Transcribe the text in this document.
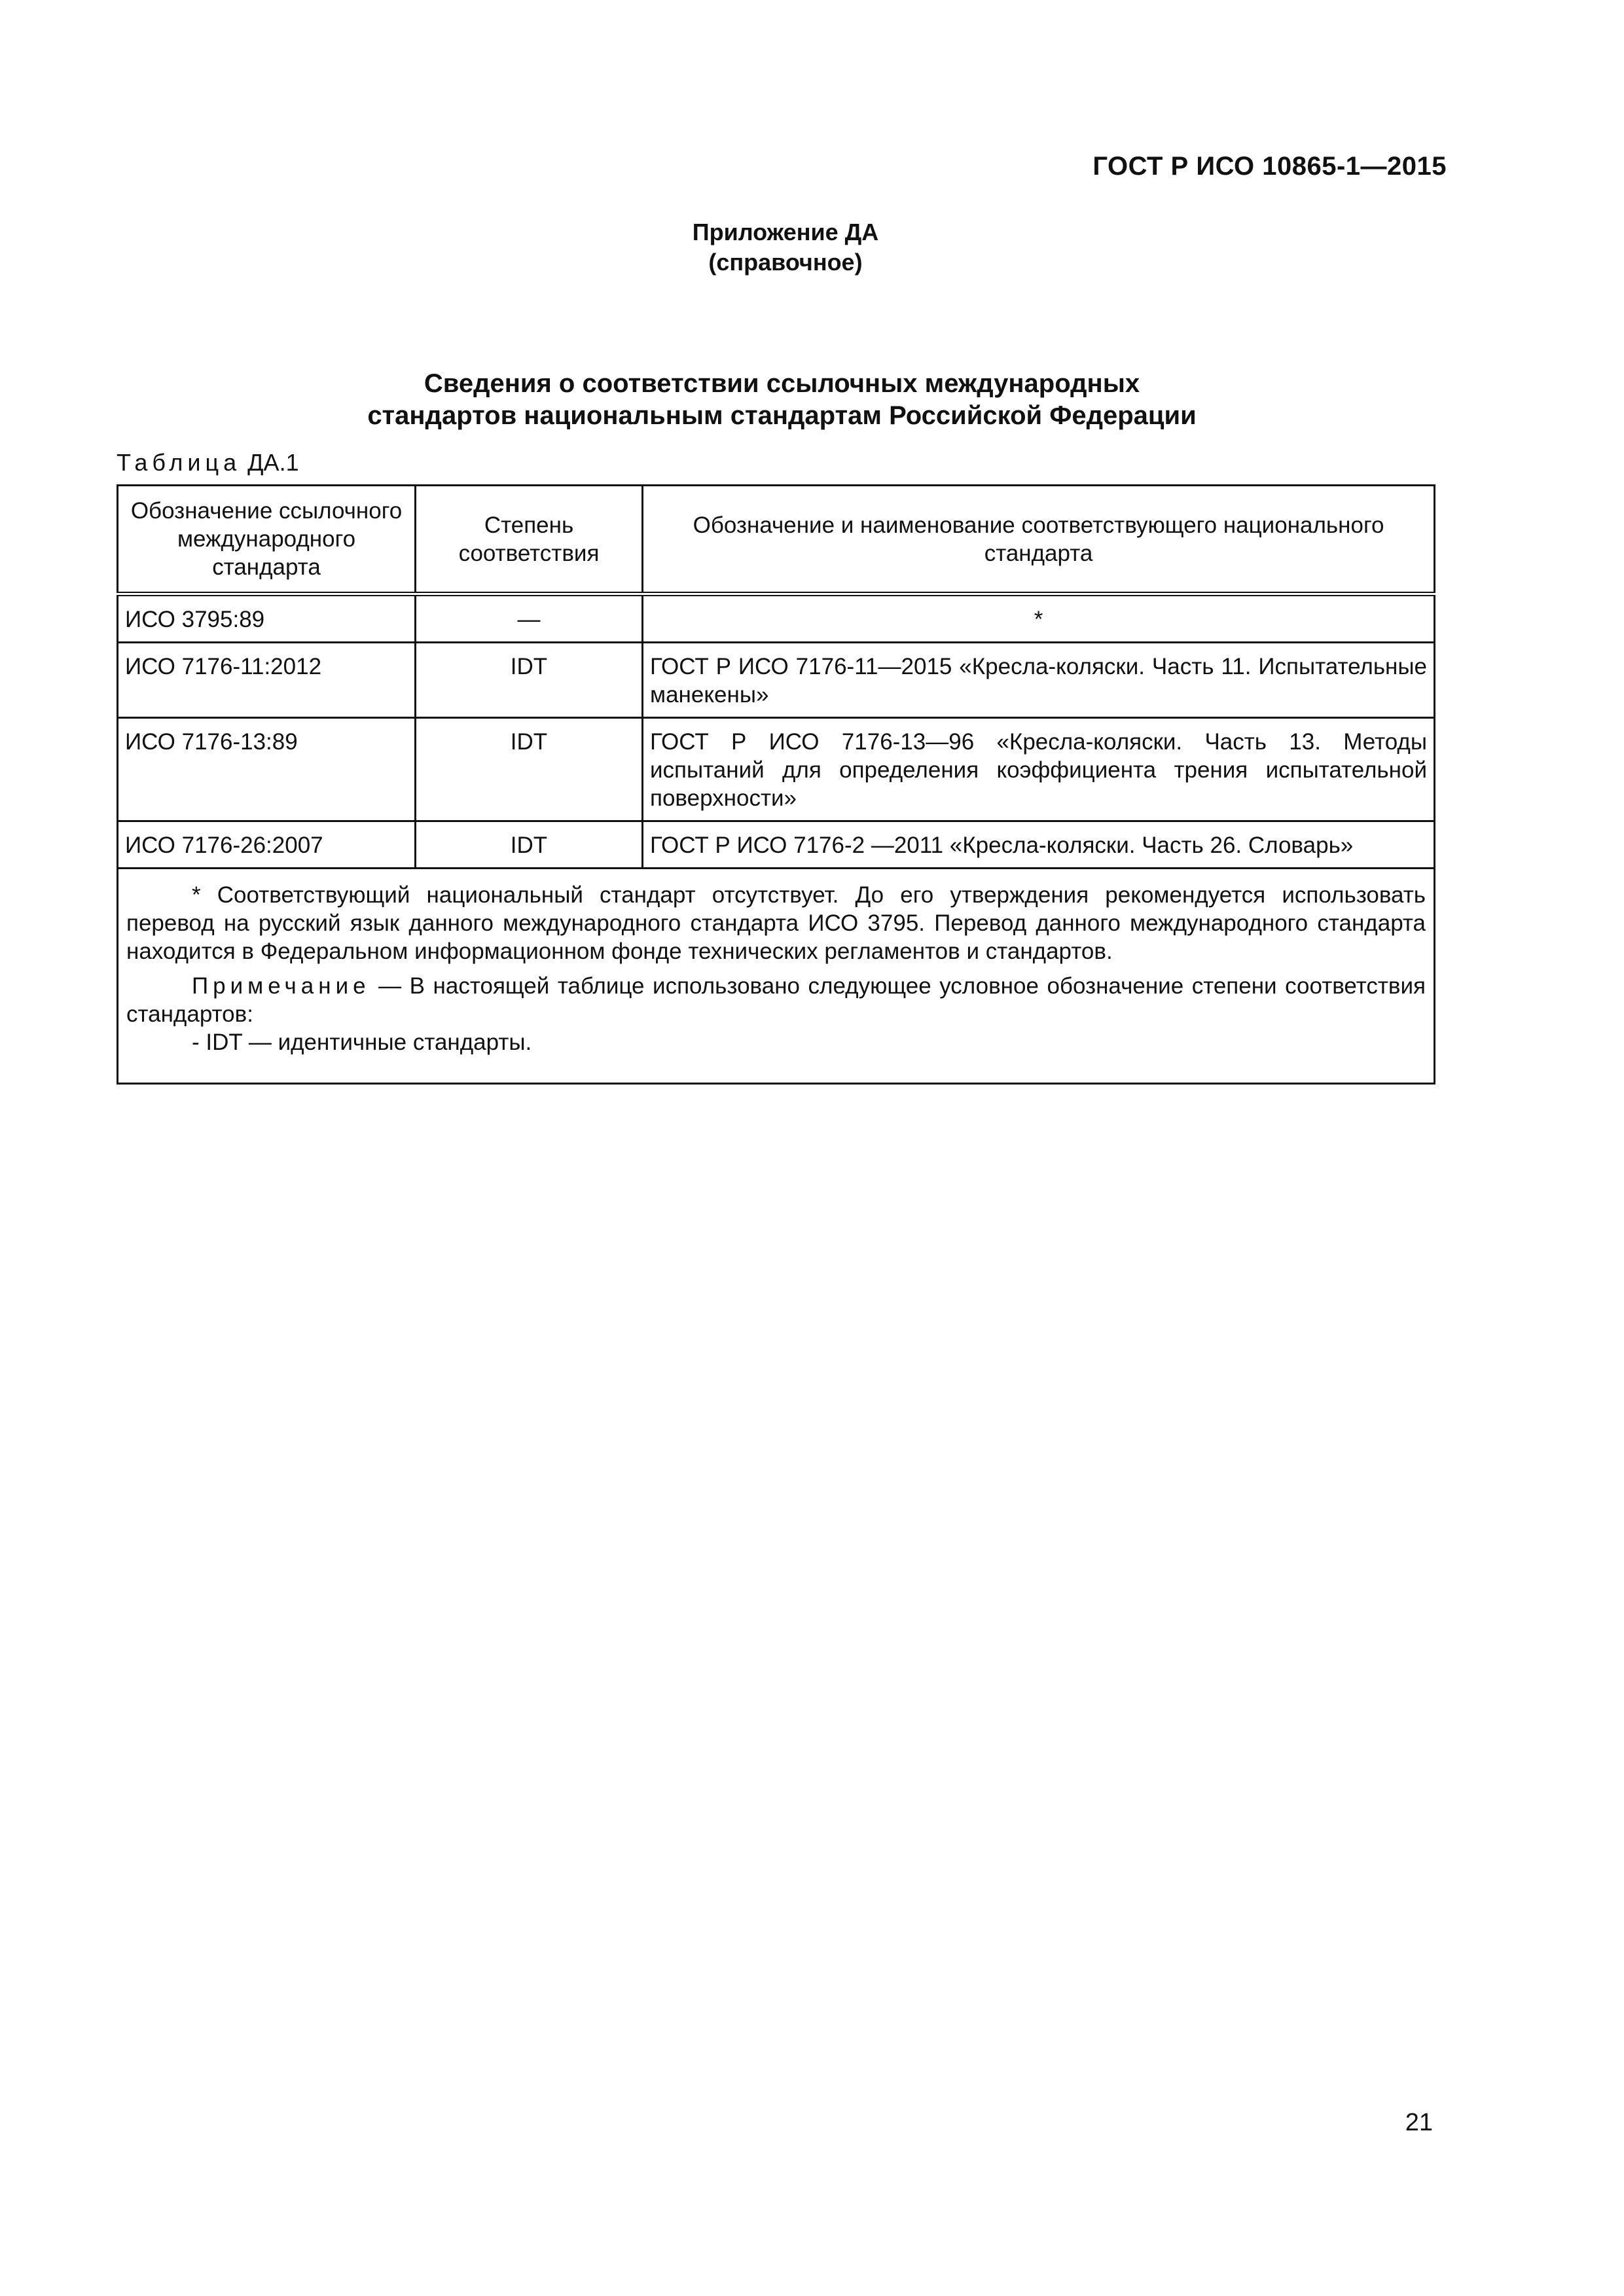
ГОСТ Р ИСО 10865-1—2015
Приложение ДА
(справочное)
Сведения о соответствии ссылочных международных
стандартов национальным стандартам Российской Федерации
Таблица ДА.1
Обозначение ссылочного международного стандарта	Степень соответствия	Обозначение и наименование соответствующего национального стандарта
ИСО 3795:89	—	*
ИСО 7176-11:2012	IDT	ГОСТ Р ИСО 7176-11—2015 «Кресла-коляски. Часть 11. Испытательные манекены»
ИСО 7176-13:89	IDT	ГОСТ Р ИСО 7176-13—96 «Кресла-коляски. Часть 13. Методы испытаний для определения коэффициента трения испытательной поверхности»
ИСО 7176-26:2007	IDT	ГОСТ Р ИСО 7176-2 —2011 «Кресла-коляски. Часть 26. Словарь»

* Соответствующий национальный стандарт отсутствует. До его утверждения рекомендуется использовать перевод на русский язык данного международного стандарта ИСО 3795. Перевод данного международного стандарта находится в Федеральном информационном фонде технических регламентов и стандартов.

Примечание — В настоящей таблице использовано следующее условное обозначение степени соответствия стандартов:

- IDT — идентичные стандарты.		

21
